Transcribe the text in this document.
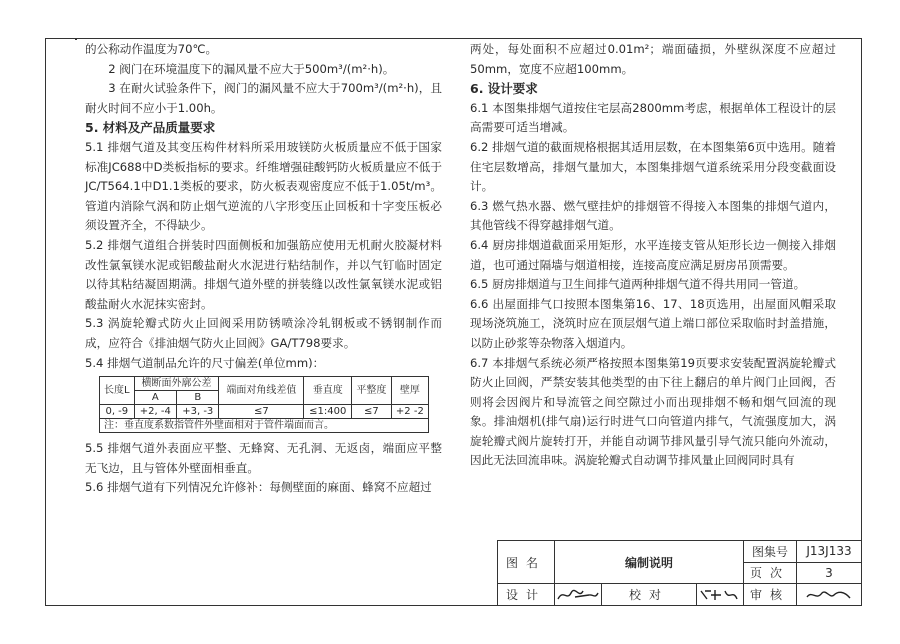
的公称动作温度为70℃。

2 阀门在环境温度下的漏风量不应大于500m³/(m²·h)。

3 在耐火试验条件下，阀门的漏风量不应大于700m³/(m²·h)，且耐火时间不应小于1.00h。

5. 材料及产品质量要求

5.1 排烟气道及其变压构件材料所采用玻镁防火板质量应不低于国家标准JC688中D类板指标的要求。纤维增强硅酸钙防火板质量应不低于JC/T564.1中D1.1类板的要求，防火板表观密度应不低于1.05t/m³。管道内消除气涡和防止烟气逆流的八字形变压止回板和十字变压板必须设置齐全，不得缺少。

5.2 排烟气道组合拼装时四面侧板和加强筋应使用无机耐火胶凝材料改性氯氧镁水泥或铝酸盐耐火水泥进行粘结制作，并以气钉临时固定以待其粘结凝固期满。排烟气道外壁的拼装缝以改性氯氧镁水泥或铝酸盐耐火水泥抹实密封。

5.3 涡旋轮瓣式防火止回阀采用防锈喷涂冷轧钢板或不锈钢制作而成，应符合《排油烟气防火止回阀》GA/T798要求。

5.4 排烟气道制品允许的尺寸偏差(单位mm)：

长度L	横断面外廓公差		端面对角线差值	垂直度	平整度	壁厚
	A	B				
0, -9	+2, -4	+3, -3	≤7	≤1:400	≤7	+2 -2
注：垂直度系数指管件外壁面相对于管件端面而言。						

5.5 排烟气道外表面应平整、无蜂窝、无孔洞、无返卤，端面应平整无飞边，且与管体外壁面相垂直。

5.6 排烟气道有下列情况允许修补：每侧壁面的麻面、蜂窝不应超过

两处，每处面积不应超过0.01m²；端面磕损，外壁纵深度不应超过50mm，宽度不应超100mm。

6. 设计要求

6.1 本图集排烟气道按住宅层高2800mm考虑，根据单体工程设计的层高需要可适当增减。

6.2 排烟气道的截面规格根据其适用层数，在本图集第6页中选用。随着住宅层数增高，排烟气量加大，本图集排烟气道系统采用分段变截面设计。

6.3 燃气热水器、燃气壁挂炉的排烟管不得接入本图集的排烟气道内，其他管线不得穿越排烟气道。

6.4 厨房排烟道截面采用矩形，水平连接支管从矩形长边一侧接入排烟道，也可通过隔墙与烟道相接，连接高度应满足厨房吊顶需要。

6.5 厨房排烟道与卫生间排气道两种排烟气道不得共用同一管道。

6.6 出屋面排气口按照本图集第16、17、18页选用，出屋面风帽采取现场浇筑施工，浇筑时应在顶层烟气道上端口部位采取临时封盖措施，以防止砂浆等杂物落入烟道内。

6.7 本排烟气系统必须严格按照本图集第19页要求安装配置涡旋轮瓣式防火止回阀，严禁安装其他类型的由下往上翻启的单片阀门止回阀，否则将会因阀片和导流管之间空隙过小而出现排烟不畅和烟气回流的现象。排油烟机(排气扇)运行时进气口向管道内排气，气流强度加大，涡旋轮瓣式阀片旋转打开，并能自动调节排风量引导气流只能向外流动，因此无法回流串味。涡旋轮瓣式自动调节排风量止回阀同时具有

图名	编制说明			图集号	J13J133
				页次	3
设计		校对		审核	
